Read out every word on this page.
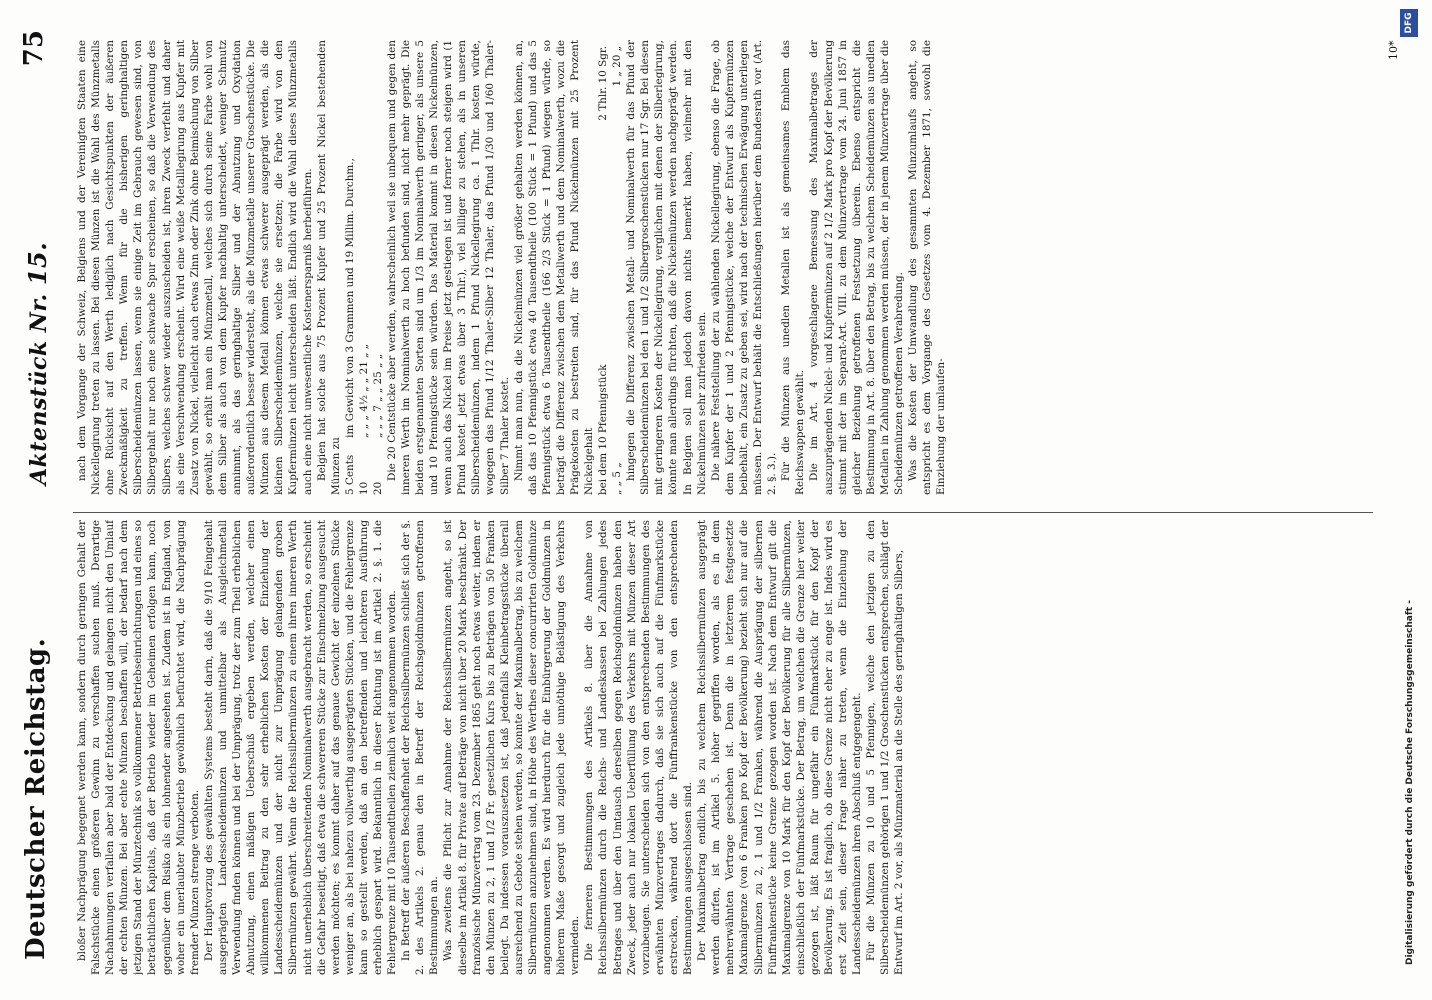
Deutscher Reichstag.
Aktenstück Nr. 15.
75

bloßer Nachprägung begegnet werden kann, sondern durch geringen Gehalt der Falschstücke einen größeren Gewinn zu verschaffen suchen muß. Derartige Nachahmungen verfallen aber bald der Entdeckung und gelangen nicht den Umlauf der echten Münzen. Bei aber echte Münzen beschaffen will, der bedarf nach dem jetzigen Stand der Münztechnik so vollkommener Betriebseinrichtungen und eines so beträchtlichen Kapitals, daß der Betrieb wieder im Geheimen erfolgen kann, noch gegenüber dem Risiko als ein lohnender angesehen ist. Zudem ist in England, von woher ein unerlaubter Münzbetrieb gewöhnlich befürchtet wird, die Nachprägung fremder Münzen strenge verboten. Der Hauptvorzug des gewählten Systems besteht darin, daß die 9/10 Feingehalt ausgeprägten Landesscheidemünzen und unmittelbar als Ausgleichmetall Verwendung finden können und bei der Umprägung, trotz der zum Theil erheblichen Abnutzung, einen mäßigen Ueberschuß ergeben werden, welcher einen willkommenen Beitrag zu den sehr erheblichen Kosten der Einziehung der Landesscheidemünzen und der nicht zur Umprägung gelangenden groben Silbermünzen gewährt. Wenn die Reichssilbermünzen zu einem ihren inneren Werth nicht unerheblich überschreitenden Nominalwerth ausgebracht werden, so erscheint die Gefahr beseitigt, daß etwa die schwereren Stücke zur Einschmelzung ausgesucht werden möchten; es kommt daher auf das genaue Gewicht der einzelnen Stücke weniger an, als bei nahezu vollwerthig ausgeprägten Stücken, und die Fehlergrenze kann so gestellt werden, daß an den betreffenden und leichteren Ausführung erheblich gespart wird. Bekanntlich in dieser Richtung ist im Artikel 2. §. 1. die Fehlergrenze mit 10 Tausendtheilen ziemlich weit angenommen worden. In Betreff der äußeren Beschaffenheit der Reichssilbermünzen schließt sich der §. 2. des Artikels 2. genau den in Betreff der Reichsgoldmünzen getroffenen Bestimmungen an. Was zweitens die Pflicht zur Annahme der Reichssilbermünzen angeht, so ist dieselbe im Artikel 8. für Private auf Beträge von nicht über 20 Mark beschränkt. Der französische Münzvertrag vom 23. Dezember 1865 geht noch etwas weiter, indem er den Münzen zu 2, 1 und 1/2 Fr. gesetzlichen Kurs bis zu Beträgen von 50 Franken beilegt. Da indessen vorauszusetzen ist, daß jedenfalls Kleinbetragsstücke überall ausreichend zu Gebote stehen werden, so konnte der Maximalbetrag, bis zu welchem Silbermünzen anzunehmen sind, in Höhe des Werthes dieser concurrirten Goldmünze angenommen werden. Es wird hierdurch für die Einbürgerung der Goldmünzen in höherem Maße gesorgt und zugleich jede unnöthige Belästigung des Verkehrs vermieden. Die ferneren Bestimmungen des Artikels 8. über die Annahme von Reichssilbermünzen durch die Reichs- und Landeskassen bei Zahlungen jedes Betrages und über den Umtausch derselben gegen Reichsgoldmünzen haben den Zweck, jeder auch nur lokalen Ueberfüllung des Verkehrs mit Münzen dieser Art vorzubeugen. Sie unterscheiden sich von den entsprechenden Bestimmungen des erwähnten Münzvertrages dadurch, daß sie sich auch auf die Fünfmarkstücke erstrecken, während dort die Fünffrankenstücke von den entsprechenden Bestimmungen ausgeschlossen sind. Der Maximalbetrag endlich, bis zu welchem Reichssilbermünzen ausgeprägt werden dürfen, ist im Artikel 5. höher gegriffen worden, als es in dem mehrerwähnten Vertrage geschehen ist. Denn die in letzterem festgesetzte Maximalgrenze (von 6 Franken pro Kopf der Bevölkerung) bezieht sich nur auf die Silbermünzen zu 2, 1 und 1/2 Franken, während die Ausprägung der silbernen Fünffrankenstücke keine Grenze gezogen worden ist. Nach dem Entwurf gilt die Maximalgrenze von 10 Mark für den Kopf der Bevölkerung für alle Silbermünzen, einschließlich der Fünfmarkstücke. Der Betrag, um welchen die Grenze hier weiter gezogen ist, läßt Raum für ungefähr ein Fünfmarkstück für den Kopf der Bevölkerung. Es ist fraglich, ob diese Grenze nicht eher zu enge ist. Indes wird es erst Zeit sein, dieser Frage näher zu treten, wenn die Einziehung der Landesscheidemünzen ihren Abschluß entgegengeht. Für die Münzen zu 10 und 5 Pfennigen, welche den jetzigen zu den Silberscheidemünzen gehörigen 1 und 1/2 Groschenstücken entsprechen, schlägt der Entwurf im Art. 2 vor, als Münzmaterial an die Stelle des geringhaltigen Silbers,

nach dem Vorgange der Schweiz, Belgiens und der Vereinigten Staaten eine Nickellegirung treten zu lassen. Bei diesen Münzen ist die Wahl des Münzmetalls ohne Rücksicht auf den Werth lediglich nach Gesichtspunkten der äußeren Zweckmäßigkeit zu treffen. Wenn für die bisherigen geringhaltigen Silberscheidemünzen lassen, wenn sie einige Zeit im Gebrauch gewesen sind, von Silbergehalt nur noch eine schwache Spur erscheinen, so daß die Verwendung des Silbers, welches schwer wieder auszuscheiden ist, ihren Zweck verfehlt und daher als eine Verschwendung erscheint. Wird eine weiße Metalllegirung aus Kupfer mit Zusatz von Nickel, vielleicht auch etwas Zinn oder Zink ohne Beimischung von Silber gewählt, so erhält man ein Münzmetall, welches sich durch seine Farbe wohl von dem Silber als auch von dem Kupfer nachhaltig unterscheidet, weniger Schmutz annimmt, als das geringhaltige Silber und der Abnutzung und Oxydation außerordentlich besser widersteht, als die Münzmetalle unserer Groschenstücke. Die Münzen aus diesem Metall können etwas schwerer ausgeprägt werden, als die kleinen Silberscheidemünzen, welche sie ersetzen; die Farbe wird von den Kupfermünzen leicht unterscheiden läßt. Endlich wird die Wahl dieses Münzmetalls auch eine nicht unwesentliche Kostenersparniß herbeiführen. Belgien hat solche aus 75 Prozent Kupfer und 25 Prozent Nickel bestehenden Münzen zu 5 Cents	im Gewicht von 3 Grammen und 19 Millim. Durchm.,
10	„ „ „ 4½ „ „ 21 „ „
20	„ „ „ 7 „ „ 25 „ „ Die 20 Centstücke aber werden, wahrscheinlich weil sie unbequem und gegen den inneren Werth im Nominalwerth zu hoch befunden sind, nicht mehr geprägt. Die beiden erstgenannten Sorten sind um 1/3 im Nominalwerth geringer, als unsere 5 und 10 Pfennigstücke sein würden. Das Material kommt in diesen Nickelmünzen, wenn auch das Nickel im Preise jetzt gestiegen ist und ferner noch steigen wird (1 Pfund kostet jetzt etwas über 3 Thlr.), viel billiger zu stehen, als in unseren Silberscheidemünzen, indem 1 Pfund Nickellegirung ca. 1 Thlr. kosten würde, wogegen das Pfund 1/12 Thaler-Silber 12 Thaler, das Pfund 1/30 und 1/60 Thaler-Silber 7 Thaler kostet. Nimmt man nun, da die Nickelmünzen viel größer gehalten werden können, an, daß das 10 Pfennigstück etwa 40 Tausendtheile (100 Stück = 1 Pfund) und das 5 Pfennigstück etwa 6 Tausendtheile (166 2/3 Stück = 1 Pfund) wiegen würde, so beträgt die Differenz zwischen dem Metallwerth und dem Nominalwerth, wozu die Prägekosten zu bestreiten sind, für das Pfund Nickelmünzen mit 25 Prozent Nickelgehalt bei dem 10 Pfennigstück	2 Thlr. 10 Sgr.
„ „ 5 „	1 „ 20 „ hingegen die Differenz zwischen Metall- und Nominalwerth für das Pfund der Silberscheidemünzen bei den 1 und 1/2 Silbergroschenstücken nur 17 Sgr. Bei diesen mit geringeren Kosten der Nickellegirung, verglichen mit denen der Silberlegirung, könnte man allerdings fürchten, daß die Nickelmünzen werden nachgeprägt werden. In Belgien soll man jedoch davon nichts bemerkt haben, vielmehr mit den Nickelmünzen sehr zufrieden sein. Die nähere Feststellung der zu wählenden Nickellegirung, ebenso die Frage, ob dem Kupfer der 1 und 2 Pfennigstücke, welche der Entwurf als Kupfermünzen beibehält, ein Zusatz zu geben sei, wird nach der technischen Erwägung unterliegen müssen. Der Entwurf behält die Entschließungen hierüber dem Bundesrath vor (Art. 2. §. 3.). Für die Münzen aus unedlen Metallen ist als gemeinsames Emblem das Reichswappen gewählt. Die im Art. 4 vorgeschlagene Bemessung des Maximalbetrages der auszuprägenden Nickel- und Kupfermünzen auf 2 1/2 Mark pro Kopf der Bevölkerung stimmt mit der im Separat-Art. VIII. zu dem Münzvertrage vom 24. Juni 1857 in gleicher Beziehung getroffenen Festsetzung überein. Ebenso entspricht die Bestimmung in Art. 8. über den Betrag, bis zu welchem Scheidemünzen aus unedlen Metallen in Zahlung genommen werden müssen, der in jenem Münzvertrage über die Scheidemünzen getroffenen Verabredung. Was die Kosten der Umwandlung des gesammten Münzumlaufs angeht, so entspricht es dem Vorgange des Gesetzes vom 4. Dezember 1871, sowohl die Einziehung der umlaufen-

10*
Digitalisierung gefördert durch die Deutsche Forschungsgemeinschaft -
DFG
